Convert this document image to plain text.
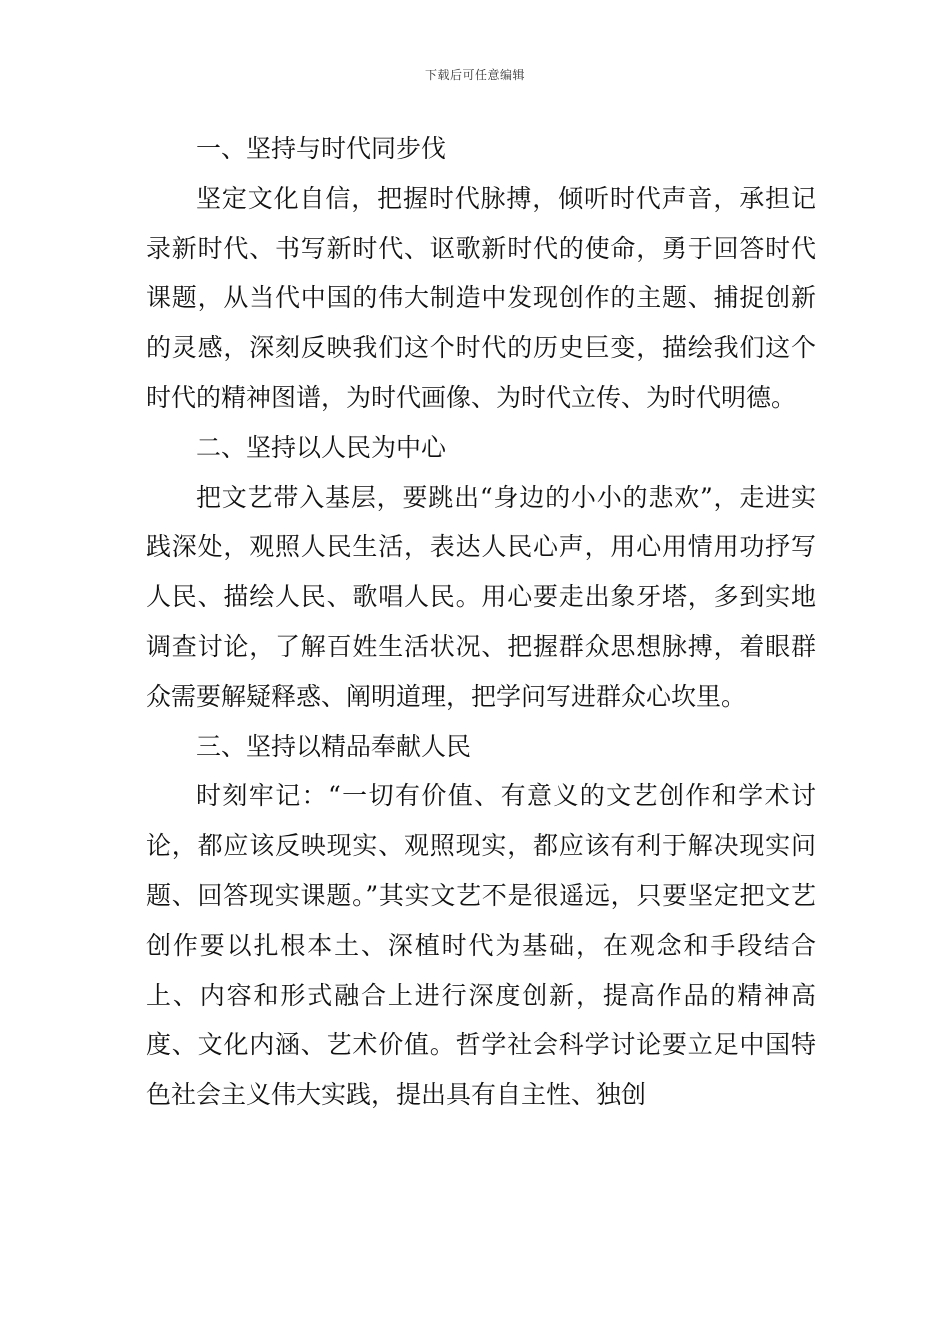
下载后可任意编辑
一、坚持与时代同步伐

坚定文化自信，把握时代脉搏，倾听时代声音，承担记录新时代、书写新时代、讴歌新时代的使命，勇于回答时代课题，从当代中国的伟大制造中发现创作的主题、捕捉创新的灵感，深刻反映我们这个时代的历史巨变，描绘我们这个时代的精神图谱，为时代画像、为时代立传、为时代明德。

二、坚持以人民为中心

把文艺带入基层，要跳出“身边的小小的悲欢”，走进实践深处，观照人民生活，表达人民心声，用心用情用功抒写人民、描绘人民、歌唱人民。用心要走出象牙塔，多到实地调查讨论，了解百姓生活状况、把握群众思想脉搏，着眼群众需要解疑释惑、阐明道理，把学问写进群众心坎里。

三、坚持以精品奉献人民

时刻牢记：“一切有价值、有意义的文艺创作和学术讨论，都应该反映现实、观照现实，都应该有利于解决现实问题、回答现实课题。”其实文艺不是很遥远，只要坚定把文艺创作要以扎根本土、深植时代为基础，在观念和手段结合上、内容和形式融合上进行深度创新，提高作品的精神高度、文化内涵、艺术价值。哲学社会科学讨论要立足中国特色社会主义伟大实践，提出具有自主性、独创
